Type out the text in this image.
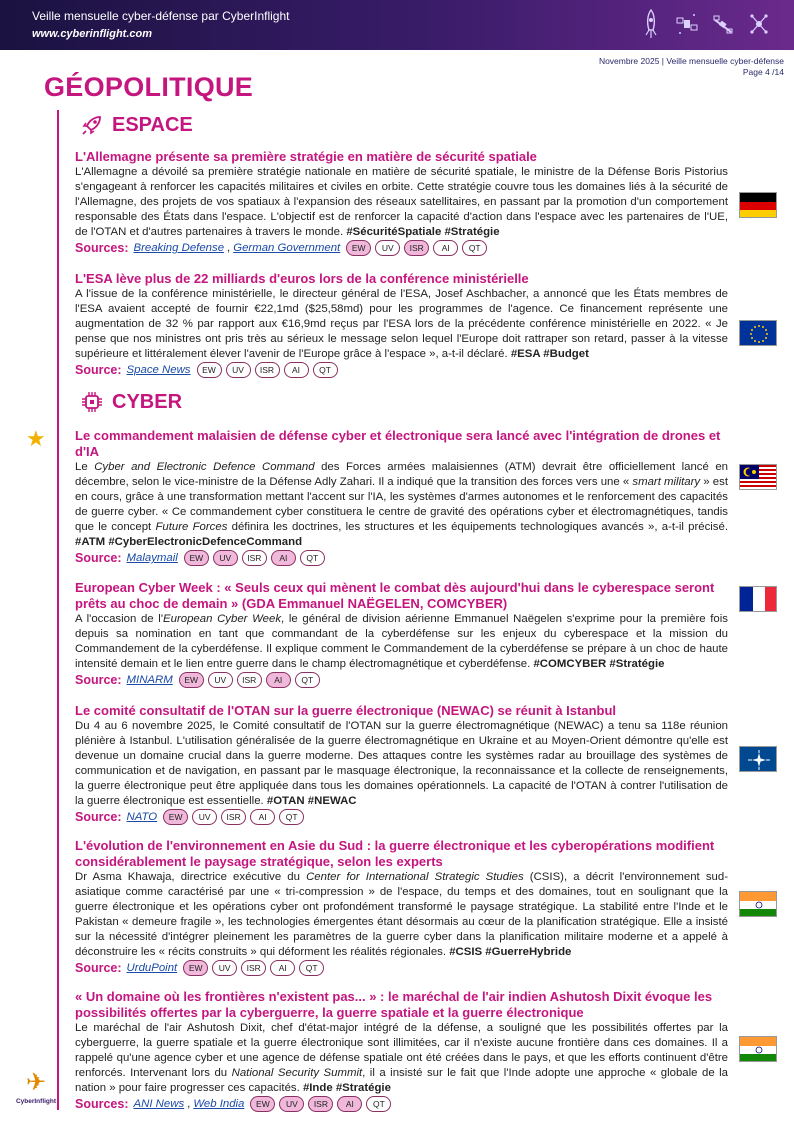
Veille mensuelle cyber-défense par CyberInflight
www.cyberinflight.com
Novembre 2025 | Veille mensuelle cyber-défense
Page 4 /14
GÉOPOLITIQUE
ESPACE
CYBER
★
L'Allemagne présente sa première stratégie en matière de sécurité spatiale

L'Allemagne a dévoilé sa première stratégie nationale en matière de sécurité spatiale, le ministre de la Défense Boris Pistorius s'engageant à renforcer les capacités militaires et civiles en orbite. Cette stratégie couvre tous les domaines liés à la sécurité de l'Allemagne, des projets de vos spatiaux à l'expansion des réseaux satellitaires, en passant par la promotion d'un comportement responsable des États dans l'espace. L'objectif est de renforcer la capacité d'action dans l'espace avec les partenaires de l'UE, de l'OTAN et d'autres partenaires à travers le monde. #SécuritéSpatiale #Stratégie

Sources: Breaking Defense , German Government	EW	UV	ISR	AI	QT
L'ESA lève plus de 22 milliards d'euros lors de la conférence ministérielle

A l'issue de la conférence ministérielle, le directeur général de l'ESA, Josef Aschbacher, a annoncé que les États membres de l'ESA avaient accepté de fournir €22,1md ($25,58md) pour les programmes de l'agence. Ce financement représente une augmentation de 32 % par rapport aux €16,9md reçus par l'ESA lors de la précédente conférence ministérielle en 2022. « Je pense que nos ministres ont pris très au sérieux le message selon lequel l'Europe doit rattraper son retard, passer à la vitesse supérieure et littéralement élever l'avenir de l'Europe grâce à l'espace », a-t-il déclaré. #ESA #Budget

Source: Space News	EW	UV	ISR	AI	QT
Le commandement malaisien de défense cyber et électronique sera lancé avec l'intégration de drones et d'IA

Le Cyber and Electronic Defence Command des Forces armées malaisiennes (ATM) devrait être officiellement lancé en décembre, selon le vice-ministre de la Défense Adly Zahari. Il a indiqué que la transition des forces vers une « smart military » est en cours, grâce à une transformation mettant l'accent sur l'IA, les systèmes d'armes autonomes et le renforcement des capacités de guerre cyber. « Ce commandement cyber constituera le centre de gravité des opérations cyber et électromagnétiques, tandis que le concept Future Forces définira les doctrines, les structures et les équipements technologiques avancés », a-t-il précisé. #ATM #CyberElectronicDefenceCommand

Source: Malaymail	EW	UV	ISR	AI	QT
European Cyber Week : « Seuls ceux qui mènent le combat dès aujourd'hui dans le cyberespace seront prêts au choc de demain » (GDA Emmanuel NAËGELEN, COMCYBER)

A l'occasion de l'European Cyber Week, le général de division aérienne Emmanuel Naëgelen s'exprime pour la première fois depuis sa nomination en tant que commandant de la cyberdéfense sur les enjeux du cyberespace et la mission du Commandement de la cyberdéfense. Il explique comment le Commandement de la cyberdéfense se prépare à un choc de haute intensité demain et le lien entre guerre dans le champ électromagnétique et cyberdéfense. #COMCYBER #Stratégie

Source: MINARM	EW	UV	ISR	AI	QT
Le comité consultatif de l'OTAN sur la guerre électronique (NEWAC) se réunit à Istanbul

Du 4 au 6 novembre 2025, le Comité consultatif de l'OTAN sur la guerre électromagnétique (NEWAC) a tenu sa 118e réunion plénière à Istanbul. L'utilisation généralisée de la guerre électromagnétique en Ukraine et au Moyen-Orient démontre qu'elle est devenue un domaine crucial dans la guerre moderne. Des attaques contre les systèmes radar au brouillage des systèmes de communication et de navigation, en passant par le masquage électronique, la reconnaissance et la collecte de renseignements, la guerre électronique peut être appliquée dans tous les domaines opérationnels. La capacité de l'OTAN à contrer l'utilisation de la guerre électronique est essentielle. #OTAN #NEWAC

Source: NATO	EW	UV	ISR	AI	QT
L'évolution de l'environnement en Asie du Sud : la guerre électronique et les cyberopérations modifient considérablement le paysage stratégique, selon les experts

Dr Asma Khawaja, directrice exécutive du Center for International Strategic Studies (CSIS), a décrit l'environnement sud-asiatique comme caractérisé par une « tri-compression » de l'espace, du temps et des domaines, tout en soulignant que la guerre électronique et les opérations cyber ont profondément transformé le paysage stratégique. La stabilité entre l'Inde et le Pakistan « demeure fragile », les technologies émergentes étant désormais au cœur de la planification stratégique. Elle a insisté sur la nécessité d'intégrer pleinement les paramètres de la guerre cyber dans la planification militaire moderne et a appelé à déconstruire les « récits construits » qui déforment les réalités régionales. #CSIS #GuerreHybride

Source: UrduPoint	EW	UV	ISR	AI	QT
« Un domaine où les frontières n'existent pas... » : le maréchal de l'air indien Ashutosh Dixit évoque les possibilités offertes par la cyberguerre, la guerre spatiale et la guerre électronique

Le maréchal de l'air Ashutosh Dixit, chef d'état-major intégré de la défense, a souligné que les possibilités offertes par la cyberguerre, la guerre spatiale et la guerre électronique sont illimitées, car il n'existe aucune frontière dans ces domaines. Il a rappelé qu'une agence cyber et une agence de défense spatiale ont été créées dans le pays, et que les efforts continuent d'être renforcés. Intervenant lors du National Security Summit, il a insisté sur le fait que l'Inde adopte une approche « globale de la nation » pour faire progresser ces capacités. #Inde #Stratégie

Sources: ANI News , Web India	EW	UV	ISR	AI	QT
✈
CyberInflight
